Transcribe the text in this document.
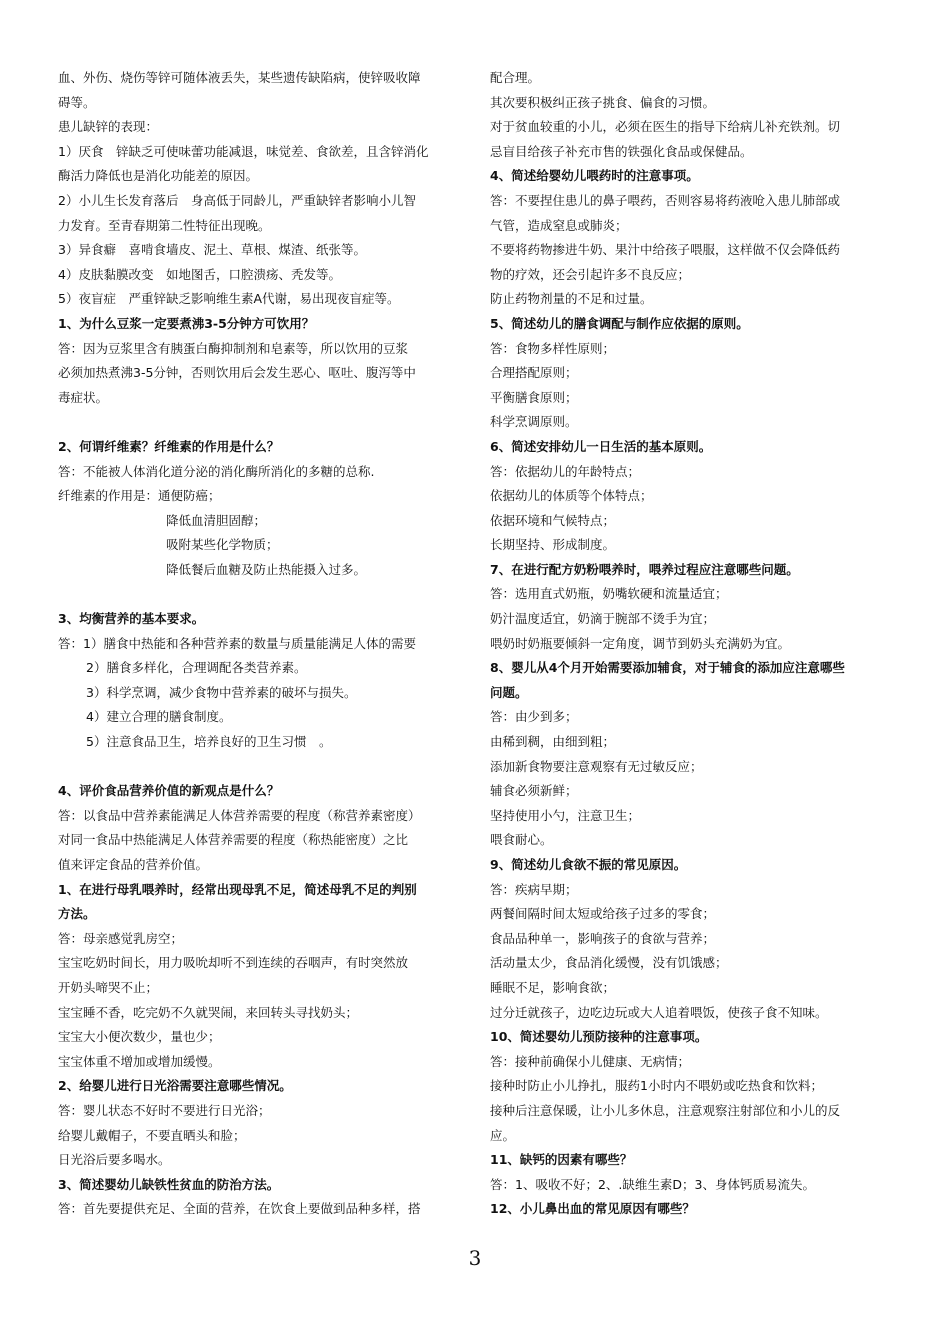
血、外伤、烧伤等锌可随体液丢失，某些遗传缺陷病，使锌吸收障
碍等。
患儿缺锌的表现：
1）厌食　锌缺乏可使味蕾功能减退，味觉差、食欲差，且含锌消化
酶活力降低也是消化功能差的原因。
2）小儿生长发育落后　身高低于同龄儿，严重缺锌者影响小儿智
力发育。至青春期第二性特征出现晚。
3）异食癖　喜啃食墙皮、泥土、草根、煤渣、纸张等。
4）皮肤黏膜改变　如地图舌，口腔溃疡、秃发等。
5）夜盲症　严重锌缺乏影响维生素A代谢，易出现夜盲症等。
1、为什么豆浆一定要煮沸3-5分钟方可饮用？
答：因为豆浆里含有胰蛋白酶抑制剂和皂素等，所以饮用的豆浆
必须加热煮沸3-5分钟，否则饮用后会发生恶心、呕吐、腹泻等中
毒症状。
2、何谓纤维素？纤维素的作用是什么？
答：不能被人体消化道分泌的消化酶所消化的多糖的总称.
纤维素的作用是：通便防癌；
降低血清胆固醇；
吸附某些化学物质；
降低餐后血糖及防止热能摄入过多。
3、均衡营养的基本要求。
答：1）膳食中热能和各种营养素的数量与质量能满足人体的需要
2）膳食多样化，合理调配各类营养素。
3）科学烹调，减少食物中营养素的破坏与损失。
4）建立合理的膳食制度。
5）注意食品卫生，培养良好的卫生习惯　。
4、评价食品营养价值的新观点是什么？
答：以食品中营养素能满足人体营养需要的程度（称营养素密度）
对同一食品中热能满足人体营养需要的程度（称热能密度）之比
值来评定食品的营养价值。
1、在进行母乳喂养时，经常出现母乳不足，简述母乳不足的判别
方法。
答：母亲感觉乳房空；
宝宝吃奶时间长，用力吸吮却听不到连续的吞咽声，有时突然放
开奶头啼哭不止；
宝宝睡不香，吃完奶不久就哭闹，来回转头寻找奶头；
宝宝大小便次数少，量也少；
宝宝体重不增加或增加缓慢。
2、给婴儿进行日光浴需要注意哪些情况。
答：婴儿状态不好时不要进行日光浴；
给婴儿戴帽子，不要直晒头和脸；
日光浴后要多喝水。
3、简述婴幼儿缺铁性贫血的防治方法。
答：首先要提供充足、全面的营养，在饮食上要做到品种多样，搭
配合理。
其次要积极纠正孩子挑食、偏食的习惯。
对于贫血较重的小儿，必须在医生的指导下给病儿补充铁剂。切
忌盲目给孩子补充市售的铁强化食品或保健品。
4、简述给婴幼儿喂药时的注意事项。
答：不要捏住患儿的鼻子喂药，否则容易将药液呛入患儿肺部或
气管，造成窒息或肺炎；
不要将药物掺进牛奶、果汁中给孩子喂服，这样做不仅会降低药
物的疗效，还会引起许多不良反应；
防止药物剂量的不足和过量。
5、简述幼儿的膳食调配与制作应依据的原则。
答：食物多样性原则；
合理搭配原则；
平衡膳食原则；
科学烹调原则。
6、简述安排幼儿一日生活的基本原则。
答：依据幼儿的年龄特点；
依据幼儿的体质等个体特点；
依据环境和气候特点；
长期坚持、形成制度。
7、在进行配方奶粉喂养时，喂养过程应注意哪些问题。
答：选用直式奶瓶，奶嘴软硬和流量适宜；
奶汁温度适宜，奶滴于腕部不烫手为宜；
喂奶时奶瓶要倾斜一定角度，调节到奶头充满奶为宜。
8、婴儿从4个月开始需要添加辅食，对于辅食的添加应注意哪些
问题。
答：由少到多；
由稀到稠，由细到粗；
添加新食物要注意观察有无过敏反应；
辅食必须新鲜；
坚持使用小勺，注意卫生；
喂食耐心。
9、简述幼儿食欲不振的常见原因。
答：疾病早期；
两餐间隔时间太短或给孩子过多的零食；
食品品种单一，影响孩子的食欲与营养；
活动量太少，食品消化缓慢，没有饥饿感；
睡眠不足，影响食欲；
过分迁就孩子，边吃边玩或大人追着喂饭，使孩子食不知味。
10、简述婴幼儿预防接种的注意事项。
答：接种前确保小儿健康、无病情；
接种时防止小儿挣扎，服药1小时内不喂奶或吃热食和饮料；
接种后注意保暖，让小儿多休息，注意观察注射部位和小儿的反
应。
11、缺钙的因素有哪些？
答：1、吸收不好；2、.缺维生素D；3、身体钙质易流失。
12、小儿鼻出血的常见原因有哪些？
3
